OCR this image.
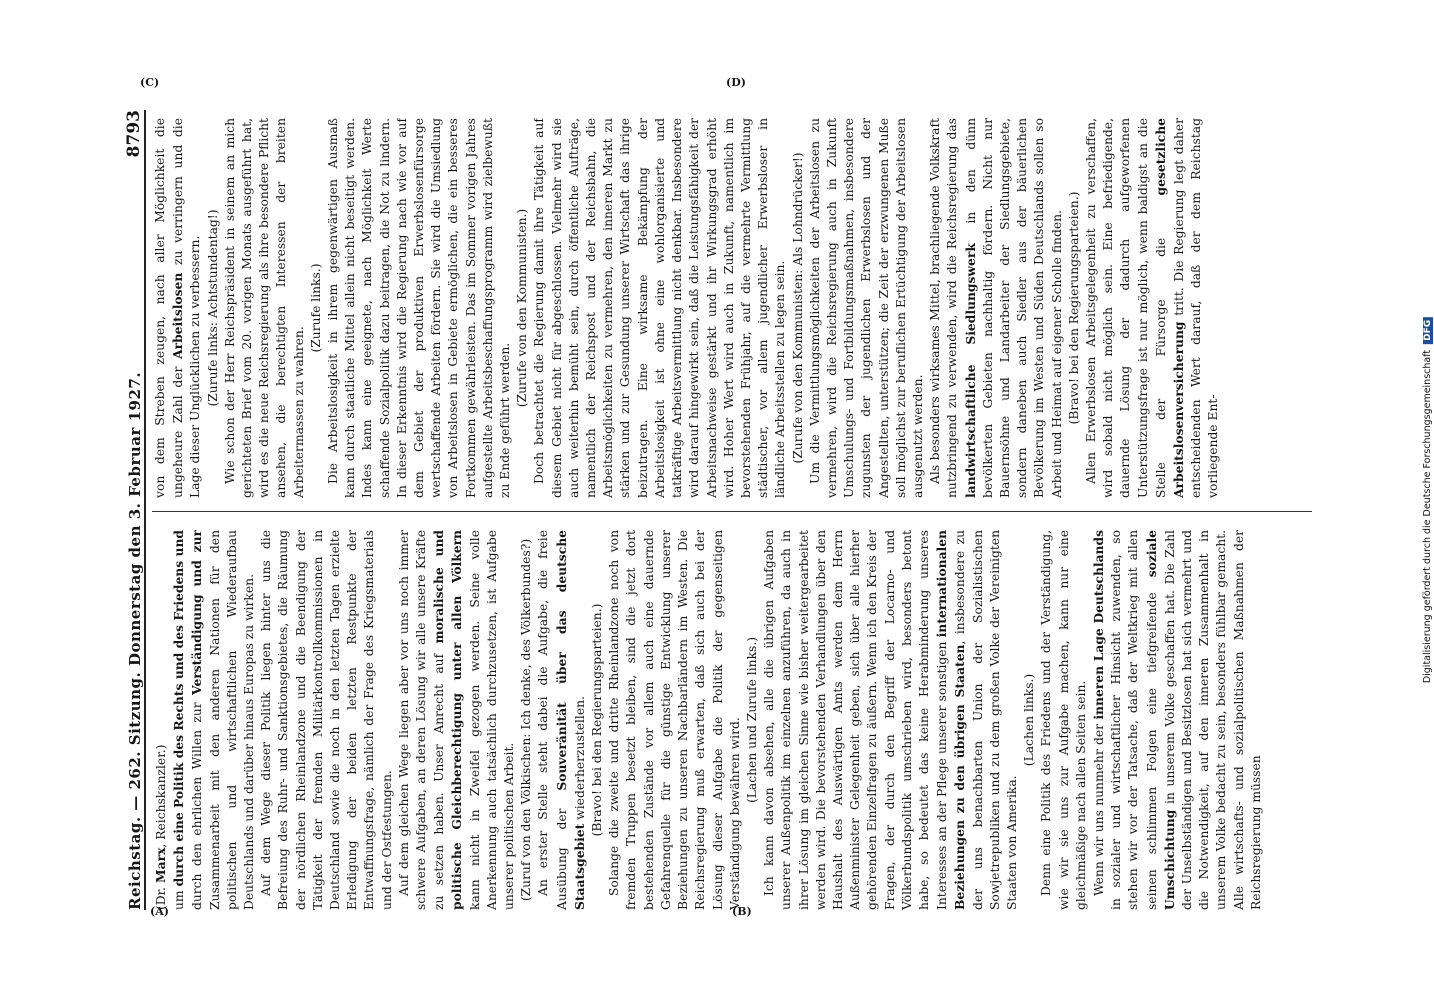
Reichstag. — 262. Sitzung. Donnerstag den 3. Februar 1927.
8793

(Dr. Marx, Reichskanzler.)

um durch eine Politik des Rechts und des Friedens und durch den ehrlichen Willen zur Verständigung und zur Zusammenarbeit mit den anderen Nationen für den politischen und wirtschaftlichen Wiederaufbau Deutschlands und darüber hinaus Europas zu wirken. Auf dem Wege dieser Politik liegen hinter uns die Befreiung des Ruhr- und Sanktionsgebietes, die Räumung der nördlichen Rheinlandzone und die Beendigung der Tätigkeit der fremden Militärkontrollkommissionen in Deutschland sowie die noch in den letzten Tagen erzielte Erledigung der beiden letzten Restpunkte der Entwaffnungsfrage, nämlich der Frage des Kriegsmaterials und der Ostfestungen. Auf dem gleichen Wege liegen aber vor uns noch immer schwere Aufgaben, an deren Lösung wir alle unsere Kräfte zu setzen haben. Unser Anrecht auf moralische und politische Gleichberechtigung unter allen Völkern kann nicht in Zweifel gezogen werden. Seine volle Anerkennung auch tatsächlich durchzusetzen, ist Aufgabe unserer politischen Arbeit. (Zuruf von den Völkischen: Ich denke, des Völkerbundes?) An erster Stelle steht dabei die Aufgabe, die freie Ausübung der Souveränität über das deutsche Staatsgebiet wiederherzustellen. (Bravo! bei den Regierungsparteien.) Solange die zweite und dritte Rheinlandzone noch von fremden Truppen besetzt bleiben, sind die jetzt dort bestehenden Zustände vor allem auch eine dauernde Gefahrenquelle für die günstige Entwicklung unserer Beziehungen zu unseren Nachbarländern im Westen. Die Reichsregierung muß erwarten, daß sich auch bei der Lösung dieser Aufgabe die Politik der gegenseitigen Verständigung bewähren wird. (Lachen und Zurufe links.) Ich kann davon absehen, alle die übrigen Aufgaben unserer Außenpolitik im einzelnen anzuführen, da auch in ihrer Lösung im gleichen Sinne wie bisher weitergearbeitet werden wird. Die bevorstehenden Verhandlungen über den Haushalt des Auswärtigen Amts werden dem Herrn Außenminister Gelegenheit geben, sich über alle hierher gehörenden Einzelfragen zu äußern. Wenn ich den Kreis der Fragen, der durch den Begriff der Locarno- und Völkerbundspolitik umschrieben wird, besonders betont habe, so bedeutet das keine Herabminderung unseres Interesses an der Pflege unserer sonstigen internationalen Beziehungen zu den übrigen Staaten, insbesondere zu der uns benachbarten Union der Sozialistischen Sowjetrepubliken und zu dem großen Volke der Vereinigten Staaten von Amerika.

(Lachen links.) Denn eine Politik des Friedens und der Verständigung, wie wir sie uns zur Aufgabe machen, kann nur eine gleichmäßige nach allen Seiten sein. Wenn wir uns nunmehr der inneren Lage Deutschlands in sozialer und wirtschaftlicher Hinsicht zuwenden, so stehen wir vor der Tatsache, daß der Weltkrieg mit allen seinen schlimmen Folgen eine tiefgreifende soziale Umschichtung in unserem Volke geschaffen hat. Die Zahl der Unselbständigen und Besitzlosen hat sich vermehrt und die Notwendigkeit, auf den inneren Zusammenhalt in unserem Volke bedacht zu sein, besonders fühlbar gemacht. Alle wirtschafts- und sozialpolitischen Maßnahmen der Reichsregierung müssen

von dem Streben zeugen, nach aller Möglichkeit die ungeheure Zahl der Arbeitslosen zu verringern und die Lage dieser Unglücklichen zu verbessern. (Zurufe links: Achtstundentag!) Wie schon der Herr Reichspräsident in seinem an mich gerichteten Brief vom 20. vorigen Monats ausgeführt hat, wird es die neue Reichsregierung als ihre besondere Pflicht ansehen, die berechtigten Interessen der breiten Arbeitermassen zu wahren.

(Zurufe links.) Die Arbeitslosigkeit in ihrem gegenwärtigen Ausmaß kann durch staatliche Mittel allein nicht beseitigt werden. Indes kann eine geeignete, nach Möglichkeit Werte schaffende Sozialpolitik dazu beitragen, die Not zu lindern. In dieser Erkenntnis wird die Regierung nach wie vor auf dem Gebiet der produktiven Erwerbslosenfürsorge wertschaffende Arbeiten fördern. Sie wird die Umsiedlung von Arbeitslosen in Gebiete ermöglichen, die ein besseres Fortkommen gewährleisten. Das im Sommer vorigen Jahres aufgestellte Arbeitsbeschaffungsprogramm wird zielbewußt zu Ende geführt werden.

(Zurufe von den Kommunisten.) Doch betrachtet die Regierung damit ihre Tätigkeit auf diesem Gebiet nicht für abgeschlossen. Vielmehr wird sie auch weiterhin bemüht sein, durch öffentliche Aufträge, namentlich der Reichspost und der Reichsbahn, die Arbeitsmöglichkeiten zu vermehren, den inneren Markt zu stärken und zur Gesundung unserer Wirtschaft das ihrige beizutragen. Eine wirksame Bekämpfung der Arbeitslosigkeit ist ohne eine wohlorganisierte und tatkräftige Arbeitsvermittlung nicht denkbar. Insbesondere wird darauf hingewirkt sein, daß die Leistungsfähigkeit der Arbeitsnachweise gestärkt und ihr Wirkungsgrad erhöht wird. Hoher Wert wird auch in Zukunft, namentlich im bevorstehenden Frühjahr, auf die vermehrte Vermittlung städtischer, vor allem jugendlicher Erwerbsloser in ländliche Arbeitsstellen zu legen sein. (Zurufe von den Kommunisten: Als Lohndrücker!) Um die Vermittlungsmöglichkeiten der Arbeitslosen zu vermehren, wird die Reichsregierung auch in Zukunft Umschulungs- und Fortbildungsmaßnahmen, insbesondere zugunsten der jugendlichen Erwerbslosen und der Angestellten, unterstützen; die Zeit der erzwungenen Muße soll möglichst zur beruflichen Ertüchtigung der Arbeitslosen ausgenutzt werden. Als besonders wirksames Mittel, brachliegende Volkskraft nutzbringend zu verwenden, wird die Reichsregierung das landwirtschaftliche Siedlungswerk in den dünn bevölkerten Gebieten nachhaltig fördern. Nicht nur Bauernsöhne und Landarbeiter der Siedlungsgebiete, sondern daneben auch Siedler aus der bäuerlichen Bevölkerung im Westen und Süden Deutschlands sollen so Arbeit und Heimat auf eigener Scholle finden. (Bravo! bei den Regierungsparteien.) Allen Erwerbslosen Arbeitsgelegenheit zu verschaffen, wird sobald nicht möglich sein. Eine befriedigende, dauernde Lösung der dadurch aufgeworfenen Unterstützungsfrage ist nur möglich, wenn baldigst an die Stelle der Fürsorge die gesetzliche Arbeitslosenversicherung tritt. Die Regierung legt daher entscheidenden Wert darauf, daß der dem Reichstag vorliegende Ent-

(A)	(B)
(C)	(D)
Digitalisierung gefördert durch die Deutsche Forschungsgemeinschaft DFG
